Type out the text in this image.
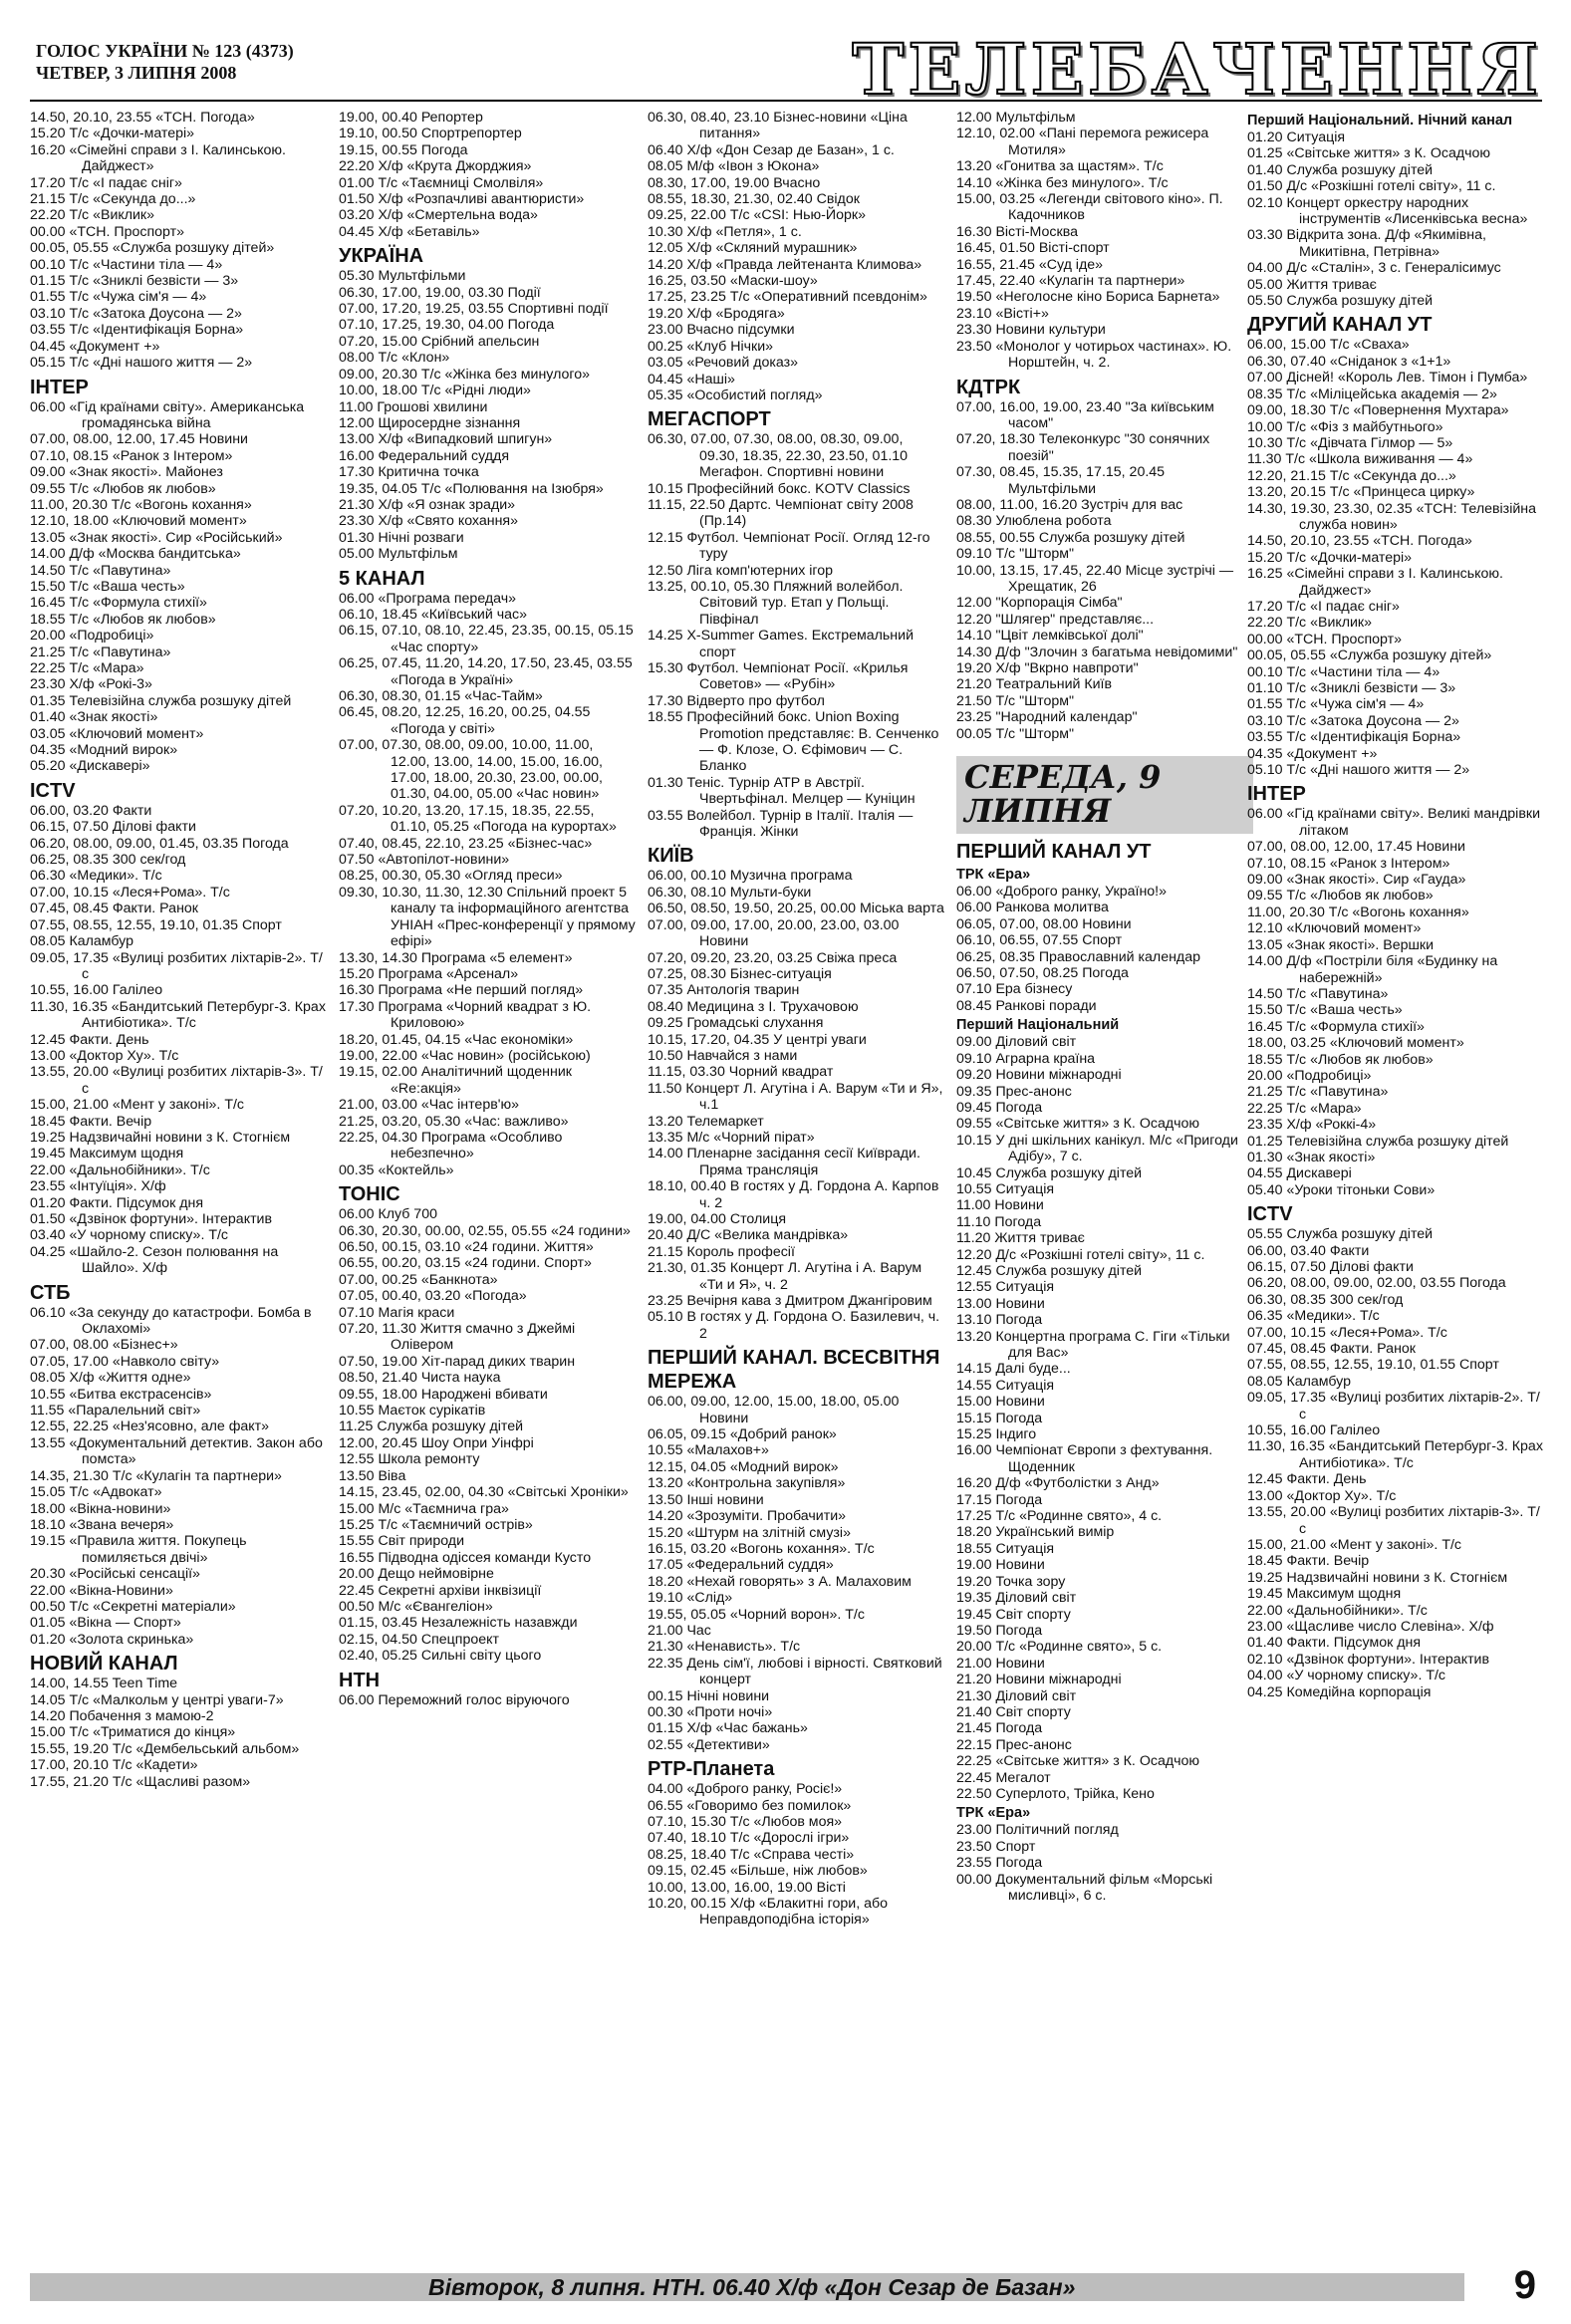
ГОЛОС УКРАЇНИ № 123 (4373)
ЧЕТВЕР, 3 ЛИПНЯ 2008	ТЕЛЕБАЧЕННЯ
14.50, 20.10, 23.55 «ТСН. Погода»
15.20 Т/с «Дочки-матері»
16.20 «Сімейні справи з І. Калинською. Дайджест»
17.20 Т/с «І падає сніг»
21.15 Т/с «Секунда до...»
22.20 Т/с «Виклик»
00.00 «ТСН. Проспорт»
00.05, 05.55 «Служба розшуку дітей»
00.10 Т/с «Частини тіла — 4»
01.15 Т/с «Зниклі безвісти — 3»
01.55 Т/с «Чужа сім'я — 4»
03.10 Т/с «Затока Доусона — 2»
03.55 Т/с «Ідентифікація Борна»
04.45 «Документ +»
05.15 Т/с «Дні нашого життя — 2»
ІНТЕР
06.00 «Гід країнами світу». Американська громадянська війна
07.00, 08.00, 12.00, 17.45 Новини
07.10, 08.15 «Ранок з Інтером»
09.00 «Знак якості». Майонез
09.55 Т/с «Любов як любов»
11.00, 20.30 Т/с «Вогонь кохання»
12.10, 18.00 «Ключовий момент»
13.05 «Знак якості». Сир «Російський»
14.00 Д/ф «Москва бандитська»
14.50 Т/с «Павутина»
15.50 Т/с «Ваша честь»
16.45 Т/с «Формула стихії»
18.55 Т/с «Любов як любов»
20.00 «Подробиці»
21.25 Т/с «Павутина»
22.25 Т/с «Мара»
23.30 Х/ф «Рокі-3»
01.35 Телевізійна служба розшуку дітей
01.40 «Знак якості»
03.05 «Ключовий момент»
04.35 «Модний вирок»
05.20 «Дискавері»
ICTV
06.00, 03.20 Факти
06.15, 07.50 Ділові факти
06.20, 08.00, 09.00, 01.45, 03.35 Погода
06.25, 08.35 300 сек/год
06.30 «Медики». Т/с
07.00, 10.15 «Леся+Рома». Т/с
07.45, 08.45 Факти. Ранок
07.55, 08.55, 12.55, 19.10, 01.35 Спорт
08.05 Каламбур
09.05, 17.35 «Вулиці розбитих ліхтарів-2». Т/с
10.55, 16.00 Галілео
11.30, 16.35 «Бандитський Петербург-3. Крах Антибіотика». Т/с
12.45 Факти. День
13.00 «Доктор Ху». Т/с
13.55, 20.00 «Вулиці розбитих ліхтарів-3». Т/с
15.00, 21.00 «Мент у законі». Т/с
18.45 Факти. Вечір
19.25 Надзвичайні новини з К. Стогнієм
19.45 Максимум щодня
22.00 «Дальнобійники». Т/с
23.55 «Інтуїція». Х/ф
01.20 Факти. Підсумок дня
01.50 «Дзвінок фортуни». Інтерактив
03.40 «У чорному списку». Т/с
04.25 «Шайло-2. Сезон полювання на Шайло». Х/ф
СТБ
06.10 «За секунду до катастрофи. Бомба в Оклахомі»
07.00, 08.00 «Бізнес+»
07.05, 17.00 «Навколо світу»
08.05 Х/ф «Життя одне»
10.55 «Битва екстрасенсів»
11.55 «Паралельний світ»
12.55, 22.25 «Нез'ясовно, але факт»
13.55 «Документальний детектив. Закон або помста»
14.35, 21.30 Т/с «Кулагін та партнери»
15.05 Т/с «Адвокат»
18.00 «Вікна-новини»
18.10 «Звана вечеря»
19.15 «Правила життя. Покупець помиляється двічі»
20.30 «Російські сенсації»
22.00 «Вікна-Новини»
00.50 Т/с «Секретні матеріали»
01.05 «Вікна — Спорт»
01.20 «Золота скринька»
НОВИЙ КАНАЛ
14.00, 14.55 Teen Time
14.05 Т/с «Малкольм у центрі уваги-7»
14.20 Побачення з мамою-2
15.00 Т/с «Триматися до кінця»
15.55, 19.20 Т/с «Дембельський альбом»
17.00, 20.10 Т/с «Кадети»
17.55, 21.20 Т/с «Щасливі разом»
19.00, 00.40 Репортер
19.10, 00.50 Спортрепортер
19.15, 00.55 Погода
22.20 Х/ф «Крута Джорджия»
01.00 Т/с «Таємниці Смолвіля»
01.50 Х/ф «Розпачливі авантюристи»
03.20 Х/ф «Смертельна вода»
04.45 Х/ф «Бетавіль»
УКРАЇНА
05.30 Мультфільми
06.30, 17.00, 19.00, 03.30 Події
07.00, 17.20, 19.25, 03.55 Спортивні події
07.10, 17.25, 19.30, 04.00 Погода
07.20, 15.00 Срібний апельсин
08.00 Т/с «Клон»
09.00, 20.30 Т/с «Жінка без минулого»
10.00, 18.00 Т/с «Рідні люди»
11.00 Грошові хвилини
12.00 Щиросердне зізнання
13.00 Х/ф «Випадковий шпигун»
16.00 Федеральний суддя
17.30 Критична точка
19.35, 04.05 Т/с «Полювання на Ізюбря»
21.30 Х/ф «Я ознак зради»
23.30 Х/ф «Свято кохання»
01.30 Нічні розваги
05.00 Мультфільм
5 КАНАЛ
06.00 «Програма передач»
06.10, 18.45 «Київський час»
06.15, 07.10, 08.10, 22.45, 23.35, 00.15, 05.15 «Час спорту»
06.25, 07.45, 11.20, 14.20, 17.50, 23.45, 03.55 «Погода в Україні»
06.30, 08.30, 01.15 «Час-Тайм»
06.45, 08.20, 12.25, 16.20, 00.25, 04.55 «Погода у світі»
07.00, 07.30, 08.00, 09.00, 10.00, 11.00, 12.00, 13.00, 14.00, 15.00, 16.00, 17.00, 18.00, 20.30, 23.00, 00.00, 01.30, 04.00, 05.00 «Час новин»
07.20, 10.20, 13.20, 17.15, 18.35, 22.55, 01.10, 05.25 «Погода на курортах»
07.40, 08.45, 22.10, 23.25 «Бізнес-час»
07.50 «Автопілот-новини»
08.25, 00.30, 05.30 «Огляд преси»
09.30, 10.30, 11.30, 12.30 Спільний проект 5 каналу та інформаційного агентства УНІАН «Прес-конференції у прямому ефірі»
13.30, 14.30 Програма «5 елемент»
15.20 Програма «Арсенал»
16.30 Програма «Не перший погляд»
17.30 Програма «Чорний квадрат з Ю. Криловою»
18.20, 01.45, 04.15 «Час економіки»
19.00, 22.00 «Час новин» (російською)
19.15, 02.00 Аналітичний щоденник «Re:акція»
21.00, 03.00 «Час інтерв'ю»
21.25, 03.20, 05.30 «Час: важливо»
22.25, 04.30 Програма «Особливо небезпечно»
00.35 «Коктейль»
ТОНІС
06.00 Клуб 700
06.30, 20.30, 00.00, 02.55, 05.55 «24 години»
06.50, 00.15, 03.10 «24 години. Життя»
06.55, 00.20, 03.15 «24 години. Спорт»
07.00, 00.25 «Банкнота»
07.05, 00.40, 03.20 «Погода»
07.10 Магія краси
07.20, 11.30 Життя смачно з Джеймі Олівером
07.50, 19.00 Хіт-парад диких тварин
08.50, 21.40 Чиста наука
09.55, 18.00 Народжені вбивати
10.55 Маєток сурікатів
11.25 Служба розшуку дітей
12.00, 20.45 Шоу Опри Уінфрі
12.55 Школа ремонту
13.50 Віва
14.15, 23.45, 02.00, 04.30 «Світські Хроніки»
15.00 М/с «Таємнича гра»
15.25 Т/с «Таємничий острів»
15.55 Світ природи
16.55 Підводна одіссея команди Кусто
20.00 Дещо неймовірне
22.45 Секретні архіви інквізиції
00.50 М/с «Євангеліон»
01.15, 03.45 Незалежність назавжди
02.15, 04.50 Спецпроект
02.40, 05.25 Сильні світу цього
НТН
06.00 Переможний голос віруючого
06.30, 08.40, 23.10 Бізнес-новини «Ціна питання»
06.40 Х/ф «Дон Сезар де Базан», 1 с.
08.05 М/ф «Івон з Юкона»
08.30, 17.00, 19.00 Вчасно
08.55, 18.30, 21.30, 02.40 Свідок
09.25, 22.00 Т/с «CSI: Нью-Йорк»
10.30 Х/ф «Петля», 1 с.
12.05 Х/ф «Скляний мурашник»
14.20 Х/ф «Правда лейтенанта Климова»
16.25, 03.50 «Маски-шоу»
17.25, 23.25 Т/с «Оперативний псевдонім»
19.20 Х/ф «Бродяга»
23.00 Вчасно підсумки
00.25 «Клуб Нічки»
03.05 «Речовий доказ»
04.45 «Наші»
05.35 «Особистий погляд»
МЕГАСПОРТ
06.30, 07.00, 07.30, 08.00, 08.30, 09.00, 09.30, 18.35, 22.30, 23.50, 01.10 Мегафон. Спортивні новини
10.15 Професійний бокс. KOTV Classics
11.15, 22.50 Дартс. Чемпіонат світу 2008 (Пр.14)
12.15 Футбол. Чемпіонат Росії. Огляд 12-го туру
12.50 Ліга комп'ютерних ігор
13.25, 00.10, 05.30 Пляжний волейбол. Світовий тур. Етап у Польщі. Півфінал
14.25 X-Summer Games. Екстремальний спорт
15.30 Футбол. Чемпіонат Росії. «Крилья Советов» — «Рубін»
17.30 Відверто про футбол
18.55 Професійний бокс. Union Boxing Promotion представляє: В. Сенченко — Ф. Клозе, О. Єфімович — С. Бланко
01.30 Теніс. Турнір АТР в Австрії. Чвертьфінал. Мелцер — Куніцин
03.55 Волейбол. Турнір в Італії. Італія — Франція. Жінки
КИЇВ
06.00, 00.10 Музична програма
06.30, 08.10 Мульти-буки
06.50, 08.50, 19.50, 20.25, 00.00 Міська варта
07.00, 09.00, 17.00, 20.00, 23.00, 03.00 Новини
07.20, 09.20, 23.20, 03.25 Свіжа преса
07.25, 08.30 Бізнес-ситуація
07.35 Антологія тварин
08.40 Медицина з І. Трухачовою
09.25 Громадські слухання
10.15, 17.20, 04.35 У центрі уваги
10.50 Навчайся з нами
11.15, 03.30 Чорний квадрат
11.50 Концерт Л. Агутіна і А. Варум «Ти и Я», ч.1
13.20 Телемаркет
13.35 М/с «Чорний пірат»
14.00 Пленарне засідання сесії Київради. Пряма трансляція
18.10, 00.40 В гостях у Д. Гордона А. Карпов ч. 2
19.00, 04.00 Столиця
20.40 Д/С «Велика мандрівка»
21.15 Король професії
21.30, 01.35 Концерт Л. Агутіна і А. Варум «Ти и Я», ч. 2
23.25 Вечірня кава з Дмитром Джангіровим
05.10 В гостях у Д. Гордона О. Базилевич, ч. 2
ПЕРШИЙ КАНАЛ. ВСЕСВІТНЯ МЕРЕЖА
06.00, 09.00, 12.00, 15.00, 18.00, 05.00 Новини
06.05, 09.15 «Добрий ранок»
10.55 «Малахов+»
12.15, 04.05 «Модний вирок»
13.20 «Контрольна закупівля»
13.50 Інші новини
14.20 «Зрозуміти. Пробачити»
15.20 «Штурм на злітній смузі»
16.15, 03.20 «Вогонь кохання». Т/с
17.05 «Федеральний суддя»
18.20 «Нехай говорять» з А. Малаховим
19.10 «Слід»
19.55, 05.05 «Чорний ворон». Т/с
21.00 Час
21.30 «Ненависть». Т/с
22.35 День сім'ї, любові і вірності. Святковий концерт
00.15 Нічні новини
00.30 «Проти ночі»
01.15 Х/ф «Час бажань»
02.55 «Детективи»
РТР-Планета
04.00 «Доброго ранку, Росіє!»
06.55 «Говоримо без помилок»
07.10, 15.30 Т/с «Любов моя»
07.40, 18.10 Т/с «Дорослі ігри»
08.25, 18.40 Т/с «Справа честі»
09.15, 02.45 «Більше, ніж любов»
10.00, 13.00, 16.00, 19.00 Вісті
10.20, 00.15 Х/ф «Блакитні гори, або Неправдоподібна історія»
12.00 Мультфільм
12.10, 02.00 «Пані перемога режисера Мотиля»
13.20 «Гонитва за щастям». Т/с
14.10 «Жінка без минулого». Т/с
15.00, 03.25 «Легенди світового кіно». П. Кадочников
16.30 Вісті-Москва
16.45, 01.50 Вісті-спорт
16.55, 21.45 «Суд іде»
17.45, 22.40 «Кулагін та партнери»
19.50 «Неголосне кіно Бориса Барнета»
23.10 «Вісті+»
23.30 Новини культури
23.50 «Монолог у чотирьох частинах». Ю. Норштейн, ч. 2.
КДТРК
07.00, 16.00, 19.00, 23.40 "За київським часом"
07.20, 18.30 Телеконкурс "30 сонячних поезій"
07.30, 08.45, 15.35, 17.15, 20.45 Мультфільми
08.00, 11.00, 16.20 Зустріч для вас
08.30 Улюблена робота
08.55, 00.55 Служба розшуку дітей
09.10 Т/с "Шторм"
10.00, 13.15, 17.45, 22.40 Місце зустрічі — Хрещатик, 26
12.00 "Корпорація Сімба"
12.20 "Шлягер" представляє...
14.10 "Цвіт лемківської долі"
14.30 Д/ф "Злочин з багатьма невідомими"
19.20 Х/ф "Вкрно навпроти"
21.20 Театральний Київ
21.50 Т/с "Шторм"
23.25 "Народний календар"
00.05 Т/с "Шторм"
СЕРЕДА, 9 ЛИПНЯ
ПЕРШИЙ КАНАЛ УТ
ТРК «Ера»
06.00 «Доброго ранку, Україно!»
06.00 Ранкова молитва
06.05, 07.00, 08.00 Новини
06.10, 06.55, 07.55 Спорт
06.25, 08.35 Православний календар
06.50, 07.50, 08.25 Погода
07.10 Ера бізнесу
08.45 Ранкові поради
Перший Національний
09.00 Діловий світ
09.10 Аграрна країна
09.20 Новини міжнародні
09.35 Прес-анонс
09.45 Погода
09.55 «Світське життя» з К. Осадчою
10.15 У дні шкільних канікул. М/с «Пригоди Адібу», 7 с.
10.45 Служба розшуку дітей
10.55 Ситуація
11.00 Новини
11.10 Погода
11.20 Життя триває
12.20 Д/с «Розкішні готелі світу», 11 с.
12.45 Служба розшуку дітей
12.55 Ситуація
13.00 Новини
13.10 Погода
13.20 Концертна програма С. Гіги «Тільки для Вас»
14.15 Далі буде...
14.55 Ситуація
15.00 Новини
15.15 Погода
15.25 Індиго
16.00 Чемпіонат Європи з фехтування. Щоденник
16.20 Д/ф «Футболістки з Анд»
17.15 Погода
17.25 Т/с «Родинне свято», 4 с.
18.20 Український вимір
18.55 Ситуація
19.00 Новини
19.20 Точка зору
19.35 Діловий світ
19.45 Світ спорту
19.50 Погода
20.00 Т/с «Родинне свято», 5 с.
21.00 Новини
21.20 Новини міжнародні
21.30 Діловий світ
21.40 Світ спорту
21.45 Погода
22.15 Прес-анонс
22.25 «Світське життя» з К. Осадчою
22.45 Мегалот
22.50 Суперлото, Трійка, Кено
ТРК «Ера»
23.00 Політичний погляд
23.50 Спорт
23.55 Погода
00.00 Документальний фільм «Морські мисливці», 6 с.
Перший Національний. Нічний канал
01.20 Ситуація
01.25 «Світське життя» з К. Осадчою
01.40 Служба розшуку дітей
01.50 Д/с «Розкішні готелі світу», 11 с.
02.10 Концерт оркестру народних інструментів «Лисенківська весна»
03.30 Відкрита зона. Д/ф «Якимівна, Микитівна, Петрівна»
04.00 Д/с «Сталін», 3 с. Генералісимус
05.00 Життя триває
05.50 Служба розшуку дітей
ДРУГИЙ КАНАЛ УТ
06.00, 15.00 Т/с «Сваха»
06.30, 07.40 «Сніданок з «1+1»
07.00 Дісней! «Король Лев. Тімон і Пумба»
08.35 Т/с «Міліцейська академія — 2»
09.00, 18.30 Т/с «Повернення Мухтара»
10.00 Т/с «Фіз з майбутнього»
10.30 Т/с «Дівчата Гілмор — 5»
11.30 Т/с «Школа виживання — 4»
12.20, 21.15 Т/с «Секунда до...»
13.20, 20.15 Т/с «Принцеса цирку»
14.30, 19.30, 23.30, 02.35 «ТСН: Телевізійна служба новин»
14.50, 20.10, 23.55 «ТСН. Погода»
15.20 Т/с «Дочки-матері»
16.25 «Сімейні справи з І. Калинською. Дайджест»
17.20 Т/с «І падає сніг»
22.20 Т/с «Виклик»
00.00 «ТСН. Проспорт»
00.05, 05.55 «Служба розшуку дітей»
00.10 Т/с «Частини тіла — 4»
01.10 Т/с «Зниклі безвісти — 3»
01.55 Т/с «Чужа сім'я — 4»
03.10 Т/с «Затока Доусона — 2»
03.55 Т/с «Ідентифікація Борна»
04.35 «Документ +»
05.10 Т/с «Дні нашого життя — 2»
ІНТЕР
06.00 «Гід країнами світу». Великі мандрівки літаком
07.00, 08.00, 12.00, 17.45 Новини
07.10, 08.15 «Ранок з Інтером»
09.00 «Знак якості». Сир «Гауда»
09.55 Т/с «Любов як любов»
11.00, 20.30 Т/с «Вогонь кохання»
12.10 «Ключовий момент»
13.05 «Знак якості». Вершки
14.00 Д/ф «Постріли біля «Будинку на набережній»
14.50 Т/с «Павутина»
15.50 Т/с «Ваша честь»
16.45 Т/с «Формула стихії»
18.00, 03.25 «Ключовий момент»
18.55 Т/с «Любов як любов»
20.00 «Подробиці»
21.25 Т/с «Павутина»
22.25 Т/с «Мара»
23.35 Х/ф «Роккі-4»
01.25 Телевізійна служба розшуку дітей
01.30 «Знак якості»
04.55 Дискавері
05.40 «Уроки тітоньки Сови»
ICTV
05.55 Служба розшуку дітей
06.00, 03.40 Факти
06.15, 07.50 Ділові факти
06.20, 08.00, 09.00, 02.00, 03.55 Погода
06.30, 08.35 300 сек/год
06.35 «Медики». Т/с
07.00, 10.15 «Леся+Рома». Т/с
07.45, 08.45 Факти. Ранок
07.55, 08.55, 12.55, 19.10, 01.55 Спорт
08.05 Каламбур
09.05, 17.35 «Вулиці розбитих ліхтарів-2». Т/с
10.55, 16.00 Галілео
11.30, 16.35 «Бандитський Петербург-3. Крах Антибіотика». Т/с
12.45 Факти. День
13.00 «Доктор Ху». Т/с
13.55, 20.00 «Вулиці розбитих ліхтарів-3». Т/с
15.00, 21.00 «Мент у законі». Т/с
18.45 Факти. Вечір
19.25 Надзвичайні новини з К. Стогнієм
19.45 Максимум щодня
22.00 «Дальнобійники». Т/с
23.00 «Щасливе число Слевіна». Х/ф
01.40 Факти. Підсумок дня
02.10 «Дзвінок фортуни». Інтерактив
04.00 «У чорному списку». Т/с
04.25 Комедійна корпорація
Вівторок, 8 липня. НТН. 06.40 Х/ф «Дон Сезар де Базан»	9
